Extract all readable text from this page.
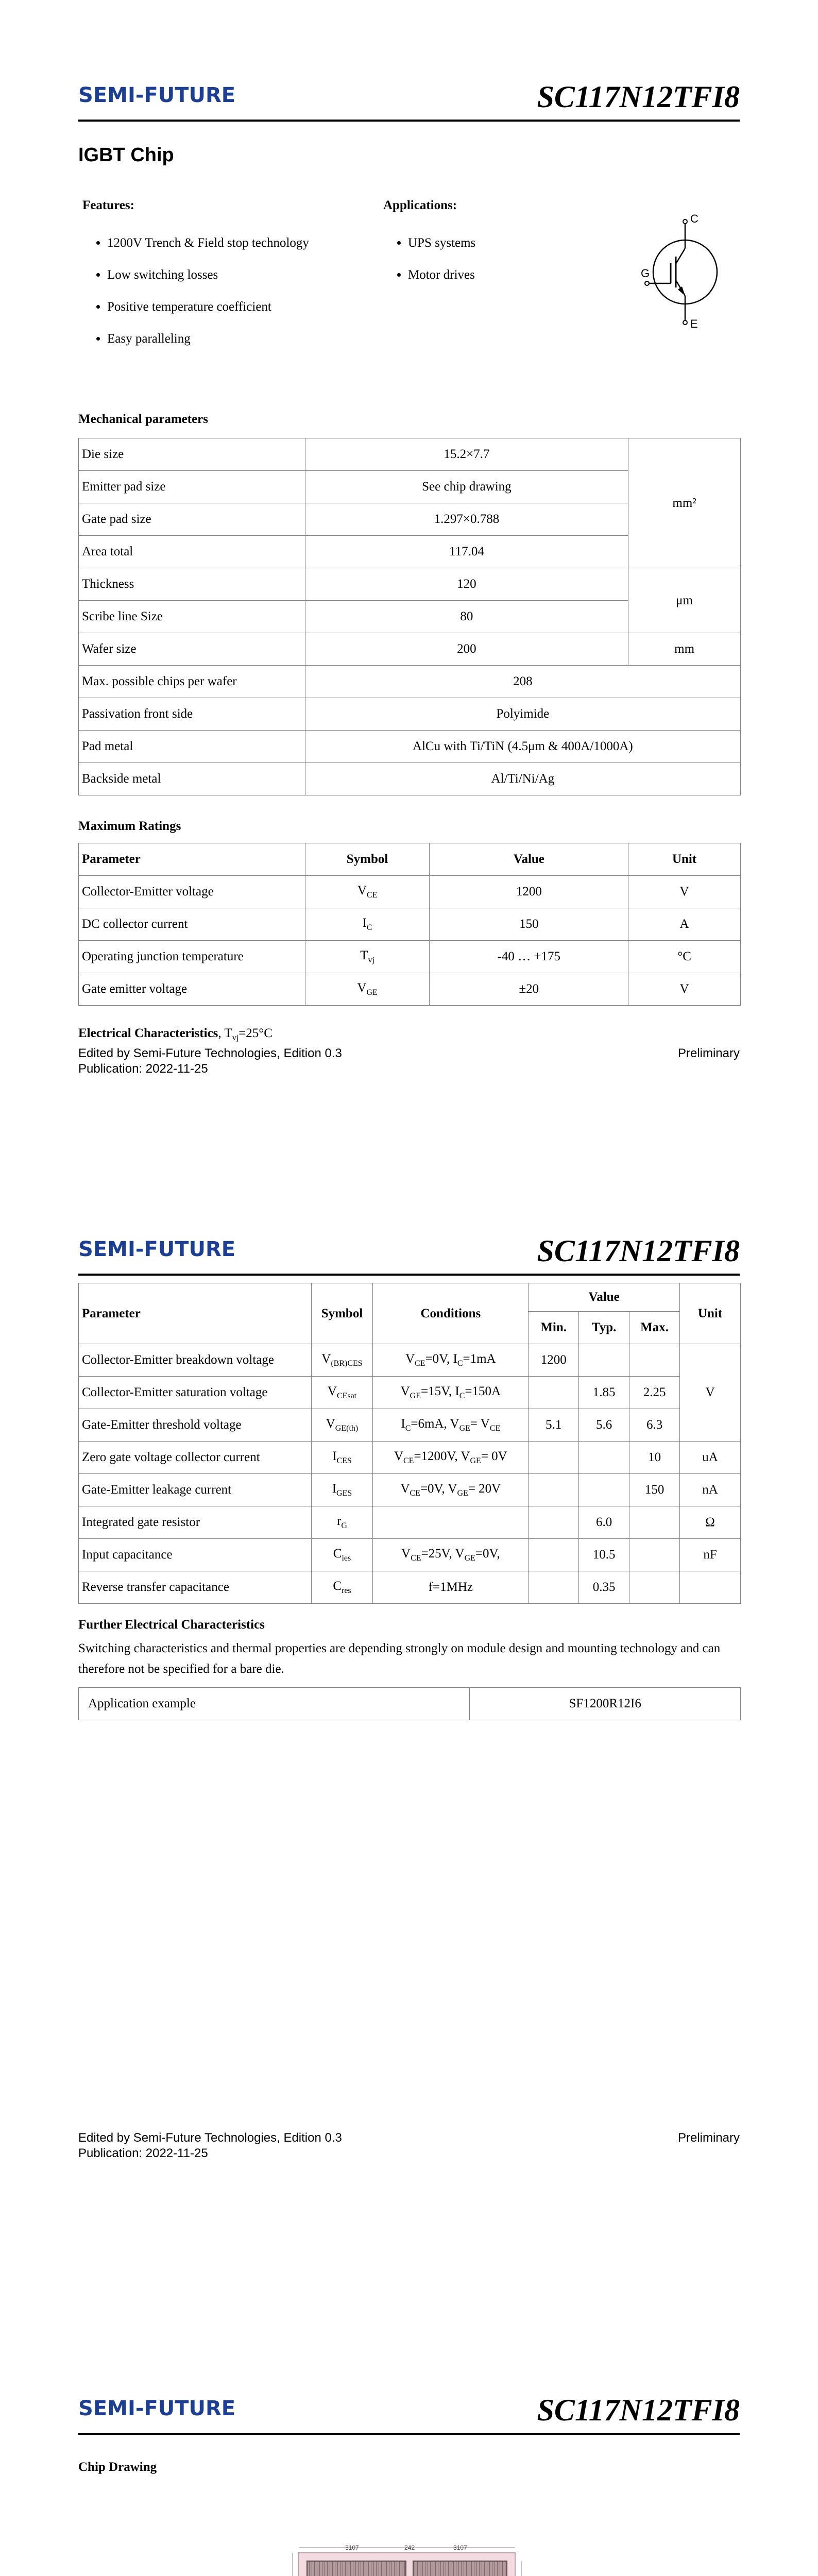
SEMI-FUTURE	SC117N12TFI8
IGBT Chip
Features:
• 1200V Trench & Field stop technology
• Low switching losses
• Positive temperature coefficient
• Easy paralleling
Applications:
• UPS systems
• Motor drives
C
G
E
Mechanical parameters
Die size	15.2×7.7	mm²
Emitter pad size	See chip drawing	
Gate pad size	1.297×0.788	
Area total	117.04	
Thickness	120	μm
Scribe line Size	80	
Wafer size	200	mm
Max. possible chips per wafer	208	
Passivation front side	Polyimide	
Pad metal	AlCu with Ti/TiN (4.5μm & 400A/1000A)	
Backside metal	Al/Ti/Ni/Ag	
Maximum Ratings
Parameter	Symbol	Value	Unit
Collector-Emitter voltage	$V_{CE}$	1200	V
DC collector current	$I_C$	150	A
Operating junction temperature	$T_{vj}$	-40 … +175	°C
Gate emitter voltage	$V_{GE}$	±20	V
Electrical Characteristics, $T_{vj}=25^\circ C$
Edited by Semi-Future Technologies, Edition 0.3
Publication: 2022-11-25
Preliminary
SEMI-FUTURE	SC117N12TFI8
Parameter	Symbol	Conditions	Value			Unit
			Min.	Typ.	Max.	
Collector-Emitter breakdown voltage	$V_{(BR)CES}$	$V_{CE}=0V$, $I_C=1mA$	1200			V
Collector-Emitter saturation voltage	$V_{CEsat}$	$V_{GE}=15V$, $I_C=150A$		1.85	2.25	
Gate-Emitter threshold voltage	$V_{GE(th)}$	$I_C=6mA$, $V_{GE}= V_{CE}$	5.1	5.6	6.3	
Zero gate voltage collector current	$I_{CES}$	$V_{CE}=1200V$, $V_{GE}= 0V$			10	uA
Gate-Emitter leakage current	$I_{GES}$	$V_{CE}=0V$, $V_{GE}= 20V$			150	nA
Integrated gate resistor	$r_G$			6.0		Ω
Input capacitance	$C_{ies}$	$V_{CE}=25V$, $V_{GE}=0V$,		10.5		nF
Reverse transfer capacitance	$C_{res}$	f=1MHz		0.35		
Further Electrical Characteristics
Switching characteristics and thermal properties are depending strongly on module design and mounting technology and can therefore not be specified for a bare die.
Application example	SF1200R12I6
Edited by Semi-Future Technologies, Edition 0.3
Publication: 2022-11-25
Preliminary
SEMI-FUTURE	SC117N12TFI8
Chip Drawing
3107	242	3107
